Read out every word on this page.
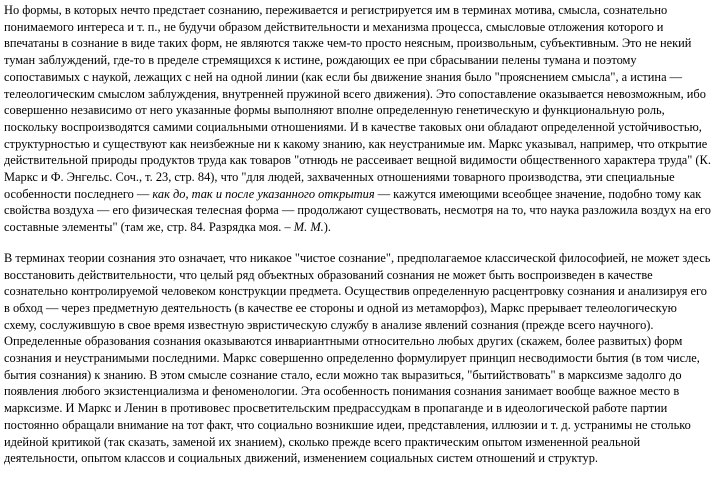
Но формы, в которых нечто предстает сознанию, переживается и регистрируется им в терминах мотива, смысла, сознательно понимаемого интереса и т. п., не будучи образом действительности и механизма процесса, смысловые отложения которого и впечатаны в сознание в виде таких форм, не являются также чем-то просто неясным, произвольным, субъективным. Это не некий туман заблуждений, где-то в пределе стремящихся к истине, рождающих ее при сбрасывании пелены тумана и поэтому сопоставимых с наукой, лежащих с ней на одной линии (как если бы движение знания было "прояснением смысла", а истина — телеологическим смыслом заблуждения, внутренней пружиной всего движения). Это сопоставление оказывается невозможным, ибо совершенно независимо от него указанные формы выполняют вполне определенную генетическую и функциональную роль, поскольку воспроизводятся самими социальными отношениями. И в качестве таковых они обладают определенной устойчивостью, структурностью и существуют как неизбежные ни к какому знанию, как неустранимые им. Маркс указывал, например, что открытие действительной природы продуктов труда как товаров "отнюдь не рассеивает вещной видимости общественного характера труда" (К. Маркс и Ф. Энгельс. Соч., т. 23, стр. 84), что "для людей, захваченных отношениями товарного производства, эти специальные особенности последнего — как до, так и после указанного открытия — кажутся имеющими всеобщее значение, подобно тому как свойства воздуха — его физическая телесная форма — продолжают существовать, несмотря на то, что наука разложила воздух на его составные элементы" (там же, стр. 84. Разрядка моя. – М. М.).

В терминах теории сознания это означает, что никакое "чистое сознание", предполагаемое классической философией, не может здесь восстановить действительности, что целый ряд объектных образований сознания не может быть воспроизведен в качестве сознательно контролируемой человеком конструкции предмета. Осуществив определенную расцентровку сознания и анализируя его в обход — через предметную деятельность (в качестве ее стороны и одной из метаморфоз), Маркс прерывает телеологическую схему, сослужившую в свое время известную эвристическую службу в анализе явлений сознания (прежде всего научного). Определенные образования сознания оказываются инвариантными относительно любых других (скажем, более развитых) форм сознания и неустранимыми последними. Маркс совершенно определенно формулирует принцип несводимости бытия (в том числе, бытия сознания) к знанию. В этом смысле сознание стало, если можно так выразиться, "бытийствовать" в марксизме задолго до появления любого экзистенциализма и феноменологии. Эта особенность понимания сознания занимает вообще важное место в марксизме. И Маркс и Ленин в противовес просветительским предрассудкам в пропаганде и в идеологической работе партии постоянно обращали внимание на тот факт, что социально возникшие идеи, представления, иллюзии и т. д. устранимы не столько идейной критикой (так сказать, заменой их знанием), сколько прежде всего практическим опытом измененной реальной деятельности, опытом классов и социальных движений, изменением социальных систем отношений и структур.
